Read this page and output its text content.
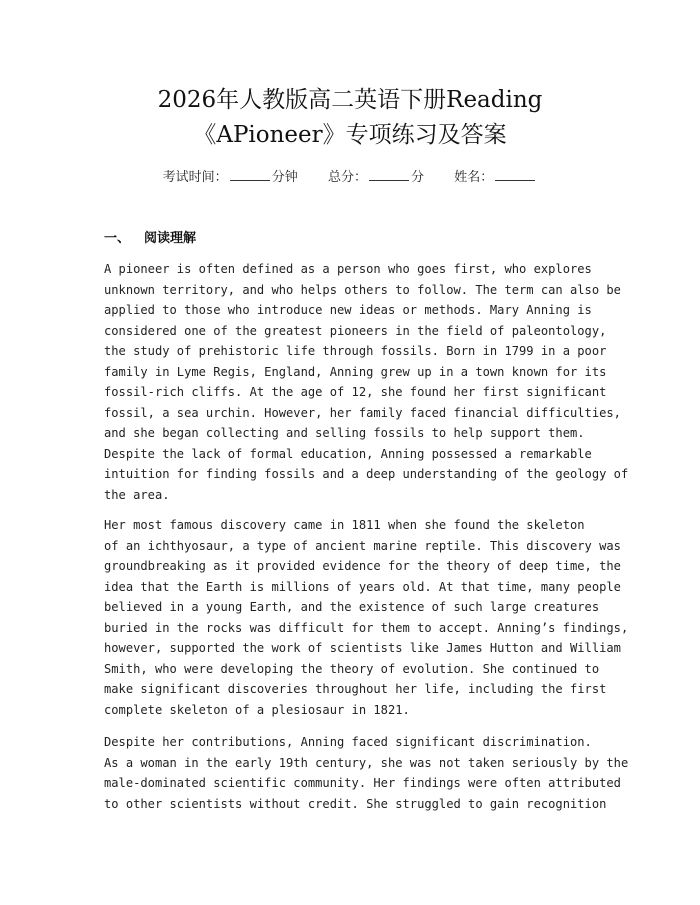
2026年人教版高二英语下册Reading
《APioneer》专项练习及答案
考试时间：	分钟 总分：	分 姓名：
一、 阅读理解
A pioneer is often defined as a person who goes first, who explores
unknown territory, and who helps others to follow. The term can also be
applied to those who introduce new ideas or methods. Mary Anning is
considered one of the greatest pioneers in the field of paleontology,
the study of prehistoric life through fossils. Born in 1799 in a poor
family in Lyme Regis, England, Anning grew up in a town known for its
fossil-rich cliffs. At the age of 12, she found her first significant
fossil, a sea urchin. However, her family faced financial difficulties,
and she began collecting and selling fossils to help support them.
Despite the lack of formal education, Anning possessed a remarkable
intuition for finding fossils and a deep understanding of the geology of
the area.
Her most famous discovery came in 1811 when she found the skeleton
of an ichthyosaur, a type of ancient marine reptile. This discovery was
groundbreaking as it provided evidence for the theory of deep time, the
idea that the Earth is millions of years old. At that time, many people
believed in a young Earth, and the existence of such large creatures
buried in the rocks was difficult for them to accept. Anning’s findings,
however, supported the work of scientists like James Hutton and William
Smith, who were developing the theory of evolution. She continued to
make significant discoveries throughout her life, including the first
complete skeleton of a plesiosaur in 1821.
Despite her contributions, Anning faced significant discrimination.
As a woman in the early 19th century, she was not taken seriously by the
male-dominated scientific community. Her findings were often attributed
to other scientists without credit. She struggled to gain recognition
